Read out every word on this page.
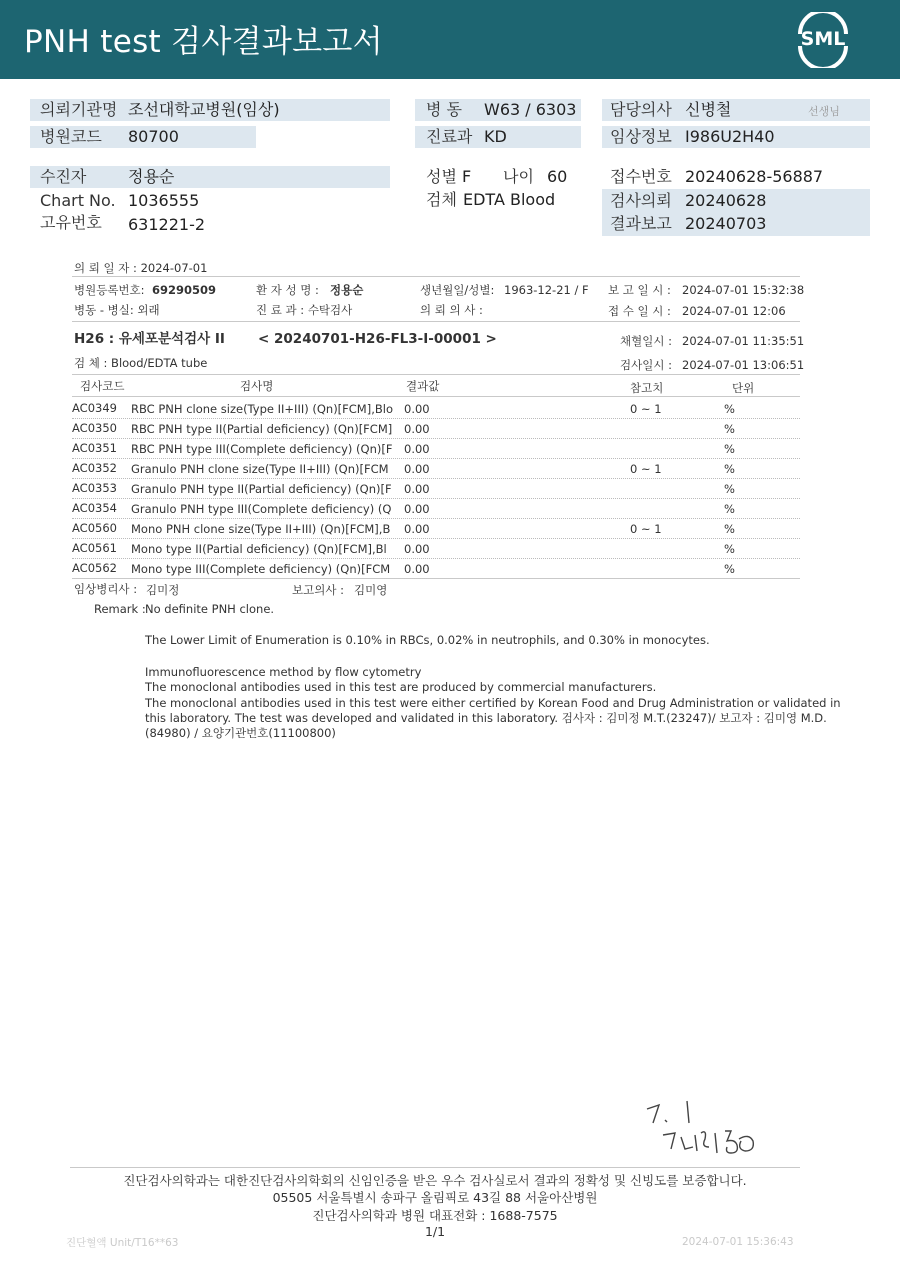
PNH test 검사결과보고서	SML
의뢰기관명 조선대학교병원(임상)
병원코드 80700
병 동 W63 / 6303
진료과 KD
담당의사 신병철	선생님
임상정보 I986U2H40
수진자	정용순
Chart No. 1036555
고유번호 631221-2
성별 F 나이 60
검체 EDTA Blood
접수번호 20240628-56887
검사의뢰 20240628
결과보고 20240703
의 뢰 일 자 : 2024-07-01
병원등록번호: 69290509	환 자 성 명 : 정용순	생년월일/성별: 1963-12-21 / F 보 고 일 시 : 2024-07-01 15:32:38
병동 - 병실: 외래	진 료 과 : 수탁검사	의 뢰 의 사 :	접 수 일 시 : 2024-07-01 12:06
H26 : 유세포분석검사 II < 20240701-H26-FL3-I-00001 >	채혈일시 : 2024-07-01 11:35:51
검 체 : Blood/EDTA tube	검사일시 : 2024-07-01 13:06:51
검사코드	검사명	결과값	참고치	단위
AC0349 RBC PNH clone size(Type II+III) (Qn)[FCM],Blo 0.00	0 ~ 1	%
AC0350 RBC PNH type II(Partial deficiency) (Qn)[FCM] 0.00	%
AC0351 RBC PNH type III(Complete deficiency) (Qn)[F 0.00	%
AC0352 Granulo PNH clone size(Type II+III) (Qn)[FCM 0.00	0 ~ 1	%
AC0353 Granulo PNH type II(Partial deficiency) (Qn)[F 0.00	%
AC0354 Granulo PNH type III(Complete deficiency) (Q 0.00	%
AC0560 Mono PNH clone size(Type II+III) (Qn)[FCM],B 0.00	0 ~ 1	%
AC0561 Mono type II(Partial deficiency) (Qn)[FCM],Bl 0.00	%
AC0562 Mono type III(Complete deficiency) (Qn)[FCM 0.00	%
임상병리사 : 김미정	보고의사 : 김미영
Remark : No definite PNH clone.
The Lower Limit of Enumeration is 0.10% in RBCs, 0.02% in neutrophils, and 0.30% in monocytes.
Immunofluorescence method by flow cytometry
The monoclonal antibodies used in this test are produced by commercial manufacturers.
The monoclonal antibodies used in this test were either certified by Korean Food and Drug Administration or validated in
this laboratory. The test was developed and validated in this laboratory. 검사자 : 김미정 M.T.(23247)/ 보고자 : 김미영 M.D.
(84980) / 요양기관번호(11100800)
진단검사의학과는 대한진단검사의학회의 신임인증을 받은 우수 검사실로서 결과의 정확성 및 신빙도를 보증합니다.
05505 서울특별시 송파구 올림픽로 43길 88 서울아산병원
진단검사의학과 병원 대표전화 : 1688-7575
1/1
진단혈액 Unit/T16**63	2024-07-01 15:36:43
